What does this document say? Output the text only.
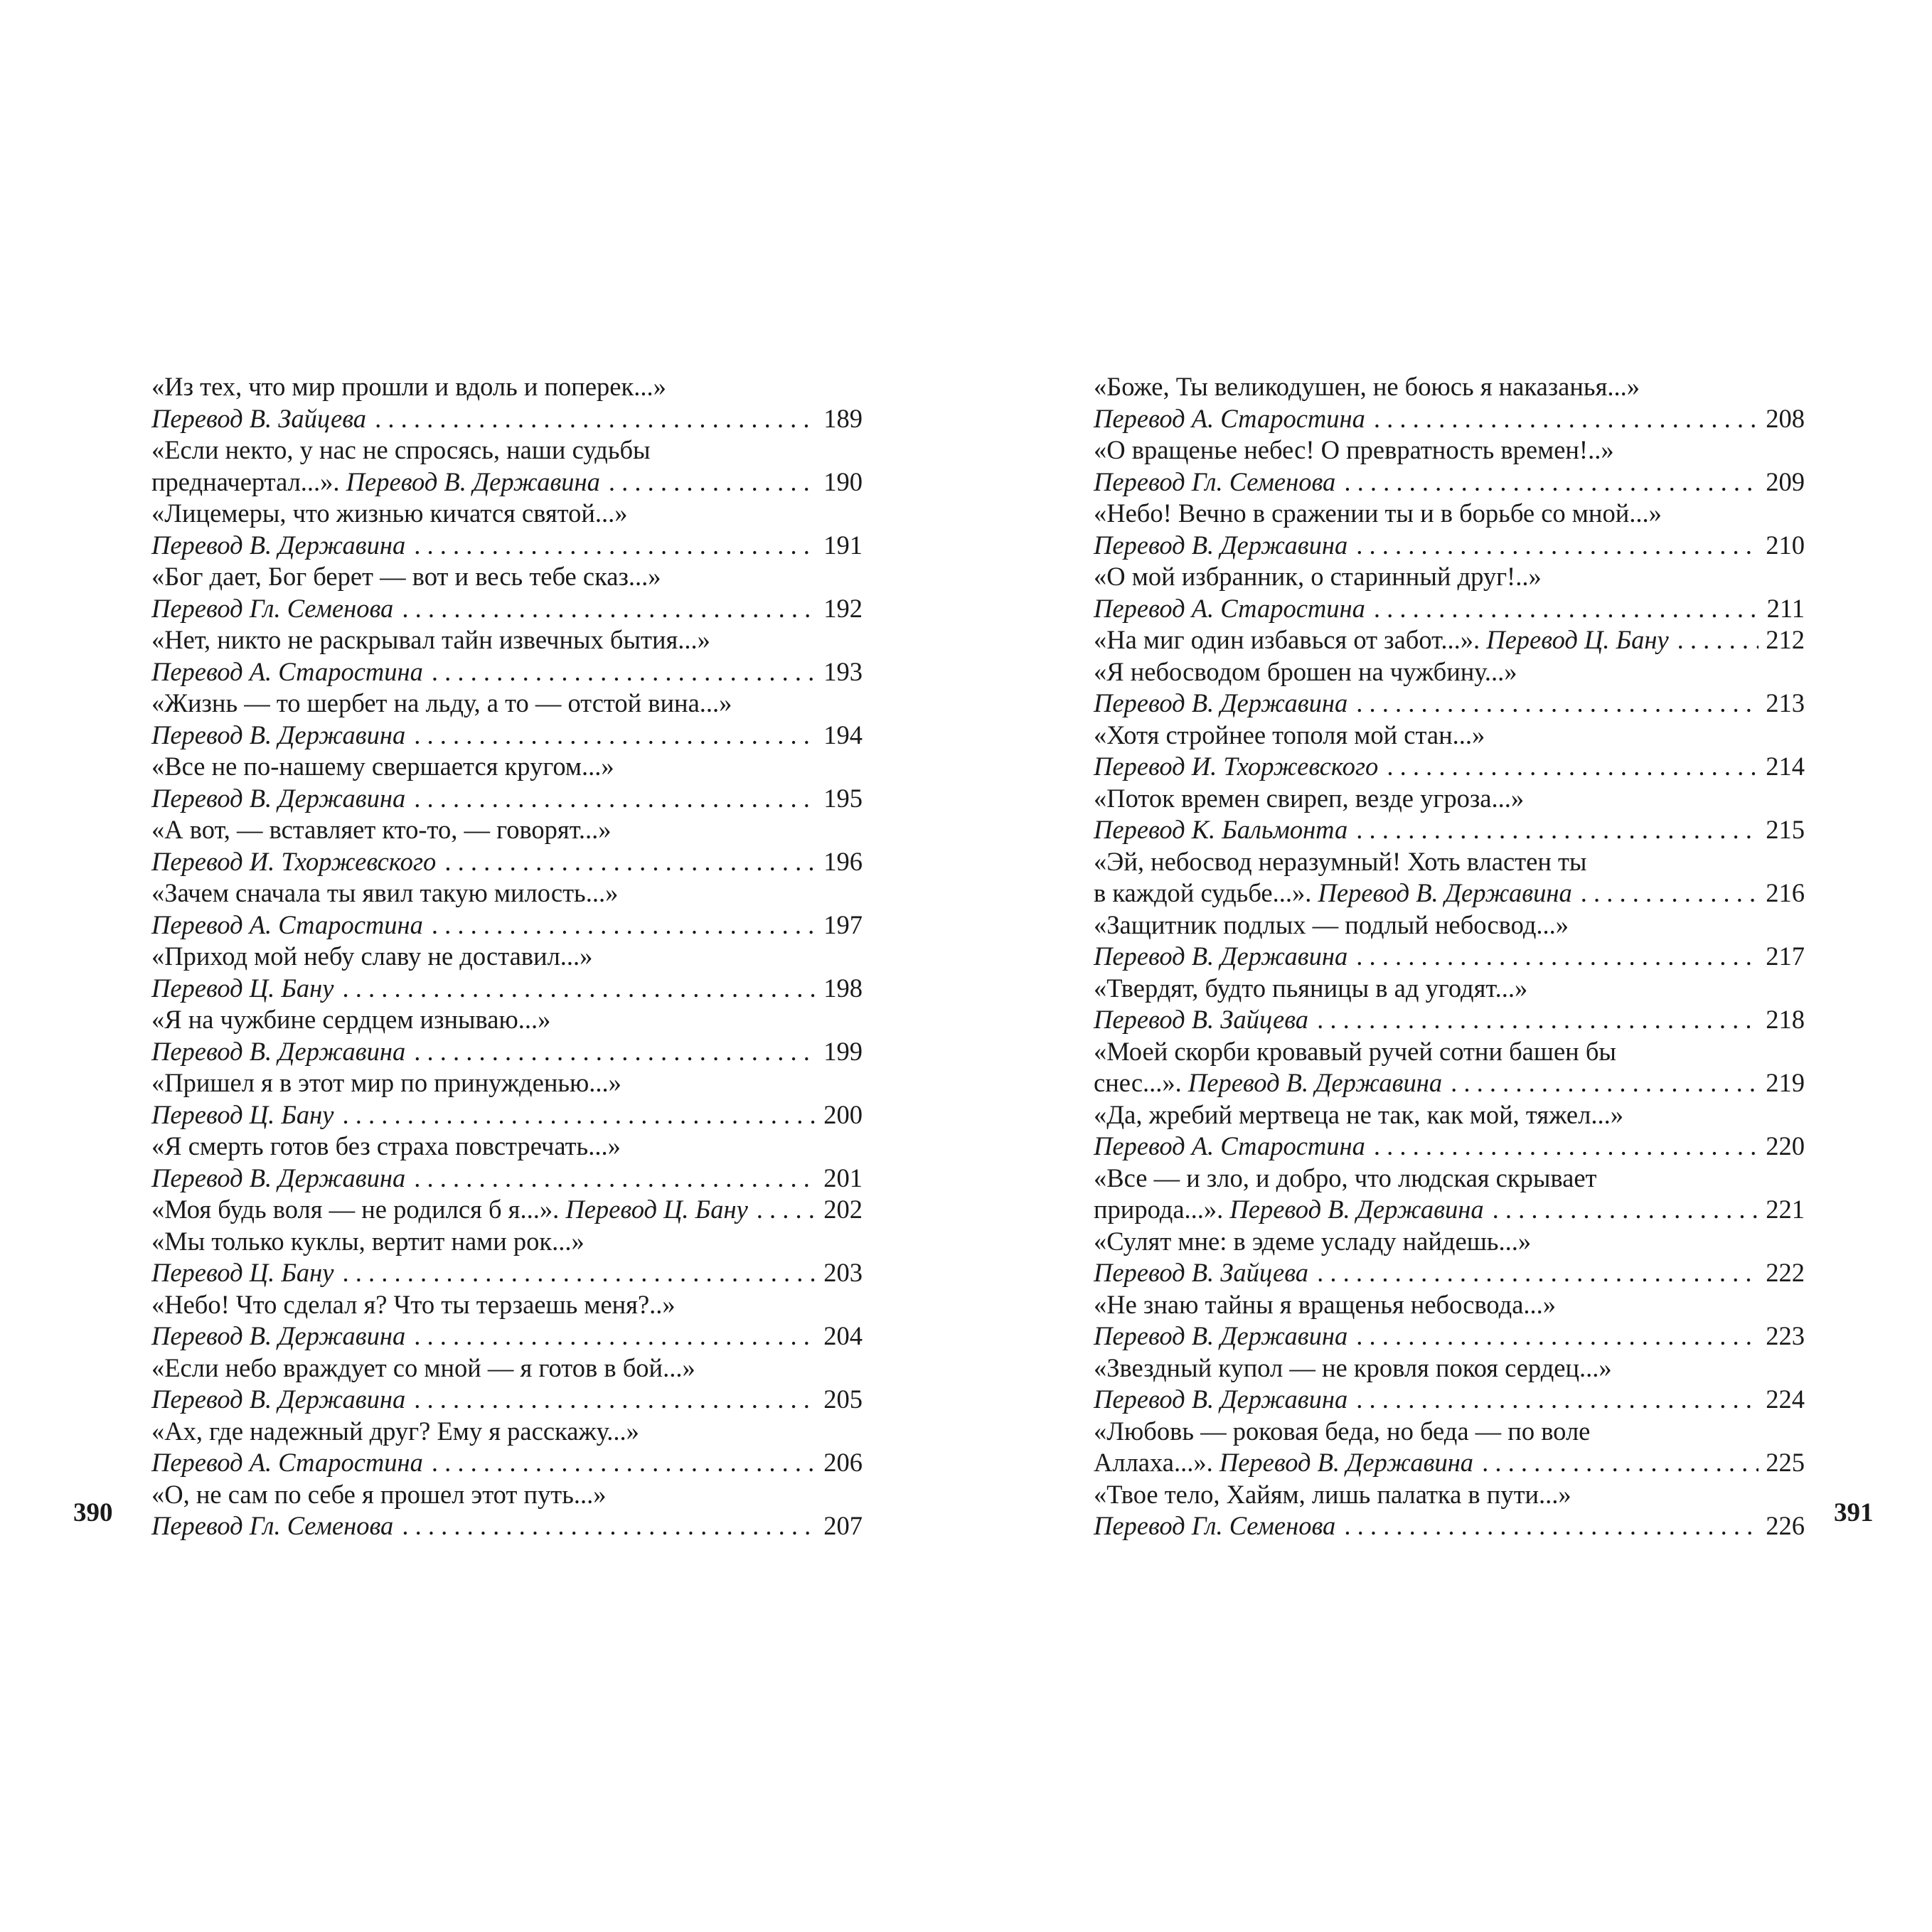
«Из тех, что мир прошли и вдоль и поперек...»
Перевод В. Зайцева . . .	189
«Если некто, у нас не спросясь, наши судьбы
предначертал...». Перевод В. Державина . . .	190
«Лицемеры, что жизнью кичатся святой...»
Перевод В. Державина . . .	191
«Бог дает, Бог берет — вот и весь тебе сказ...»
Перевод Гл. Семенова . . .	192
«Нет, никто не раскрывал тайн извечных бытия...»
Перевод А. Старостина . . .	193
«Жизнь — то шербет на льду, а то — отстой вина...»
Перевод В. Державина . . .	194
«Все не по-нашему свершается кругом...»
Перевод В. Державина . . .	195
«А вот, — вставляет кто-то, — говорят...»
Перевод И. Тхоржевского . . .	196
«Зачем сначала ты явил такую милость...»
Перевод А. Старостина . . .	197
«Приход мой небу славу не доставил...»
Перевод Ц. Бану . . .	198
«Я на чужбине сердцем изнываю...»
Перевод В. Державина . . .	199
«Пришел я в этот мир по принужденью...»
Перевод Ц. Бану . . .	200
«Я смерть готов без страха повстречать...»
Перевод В. Державина . . .	201
«Моя будь воля — не родился б я...». Перевод Ц. Бану . . .	202
«Мы только куклы, вертит нами рок...»
Перевод Ц. Бану . . .	203
«Небо! Что сделал я? Что ты терзаешь меня?..»
Перевод В. Державина . . .	204
«Если небо враждует со мной — я готов в бой...»
Перевод В. Державина . . .	205
«Ах, где надежный друг? Ему я расскажу...»
Перевод А. Старостина . . .	206
«О, не сам по себе я прошел этот путь...»
Перевод Гл. Семенова . . .	207
«Боже, Ты великодушен, не боюсь я наказанья...»
Перевод А. Старостина . . .	208
«О вращенье небес! О превратность времен!..»
Перевод Гл. Семенова . . .	209
«Небо! Вечно в сражении ты и в борьбе со мной...»
Перевод В. Державина . . .	210
«О мой избранник, о старинный друг!..»
Перевод А. Старостина . . .	211
«На миг один избавься от забот...». Перевод Ц. Бану . . .	212
«Я небосводом брошен на чужбину...»
Перевод В. Державина . . .	213
«Хотя стройнее тополя мой стан...»
Перевод И. Тхоржевского . . .	214
«Поток времен свирeп, везде угроза...»
Перевод К. Бальмонта . . .	215
«Эй, небосвод неразумный! Хоть властен ты
в каждой судьбе...». Перевод В. Державина . . .	216
«Защитник подлых — подлый небосвод...»
Перевод В. Державина . . .	217
«Твердят, будто пьяницы в ад угодят...»
Перевод В. Зайцева . . .	218
«Моей скорби кровавый ручей сотни башен бы
снес...». Перевод В. Державина . . .	219
«Да, жребий мертвеца не так, как мой, тяжел...»
Перевод А. Старостина . . .	220
«Все — и зло, и добро, что людская скрывает
природа...». Перевод В. Державина . . .	221
«Сулят мне: в эдеме усладу найдешь...»
Перевод В. Зайцева . . .	222
«Не знаю тайны я вращенья небосвода...»
Перевод В. Державина . . .	223
«Звездный купол — не кровля покоя сердец...»
Перевод В. Державина . . .	224
«Любовь — роковая беда, но беда — по воле
Аллаха...». Перевод В. Державина . . .	225
«Твое тело, Хайям, лишь палатка в пути...»
Перевод Гл. Семенова . . .	226
390	391
